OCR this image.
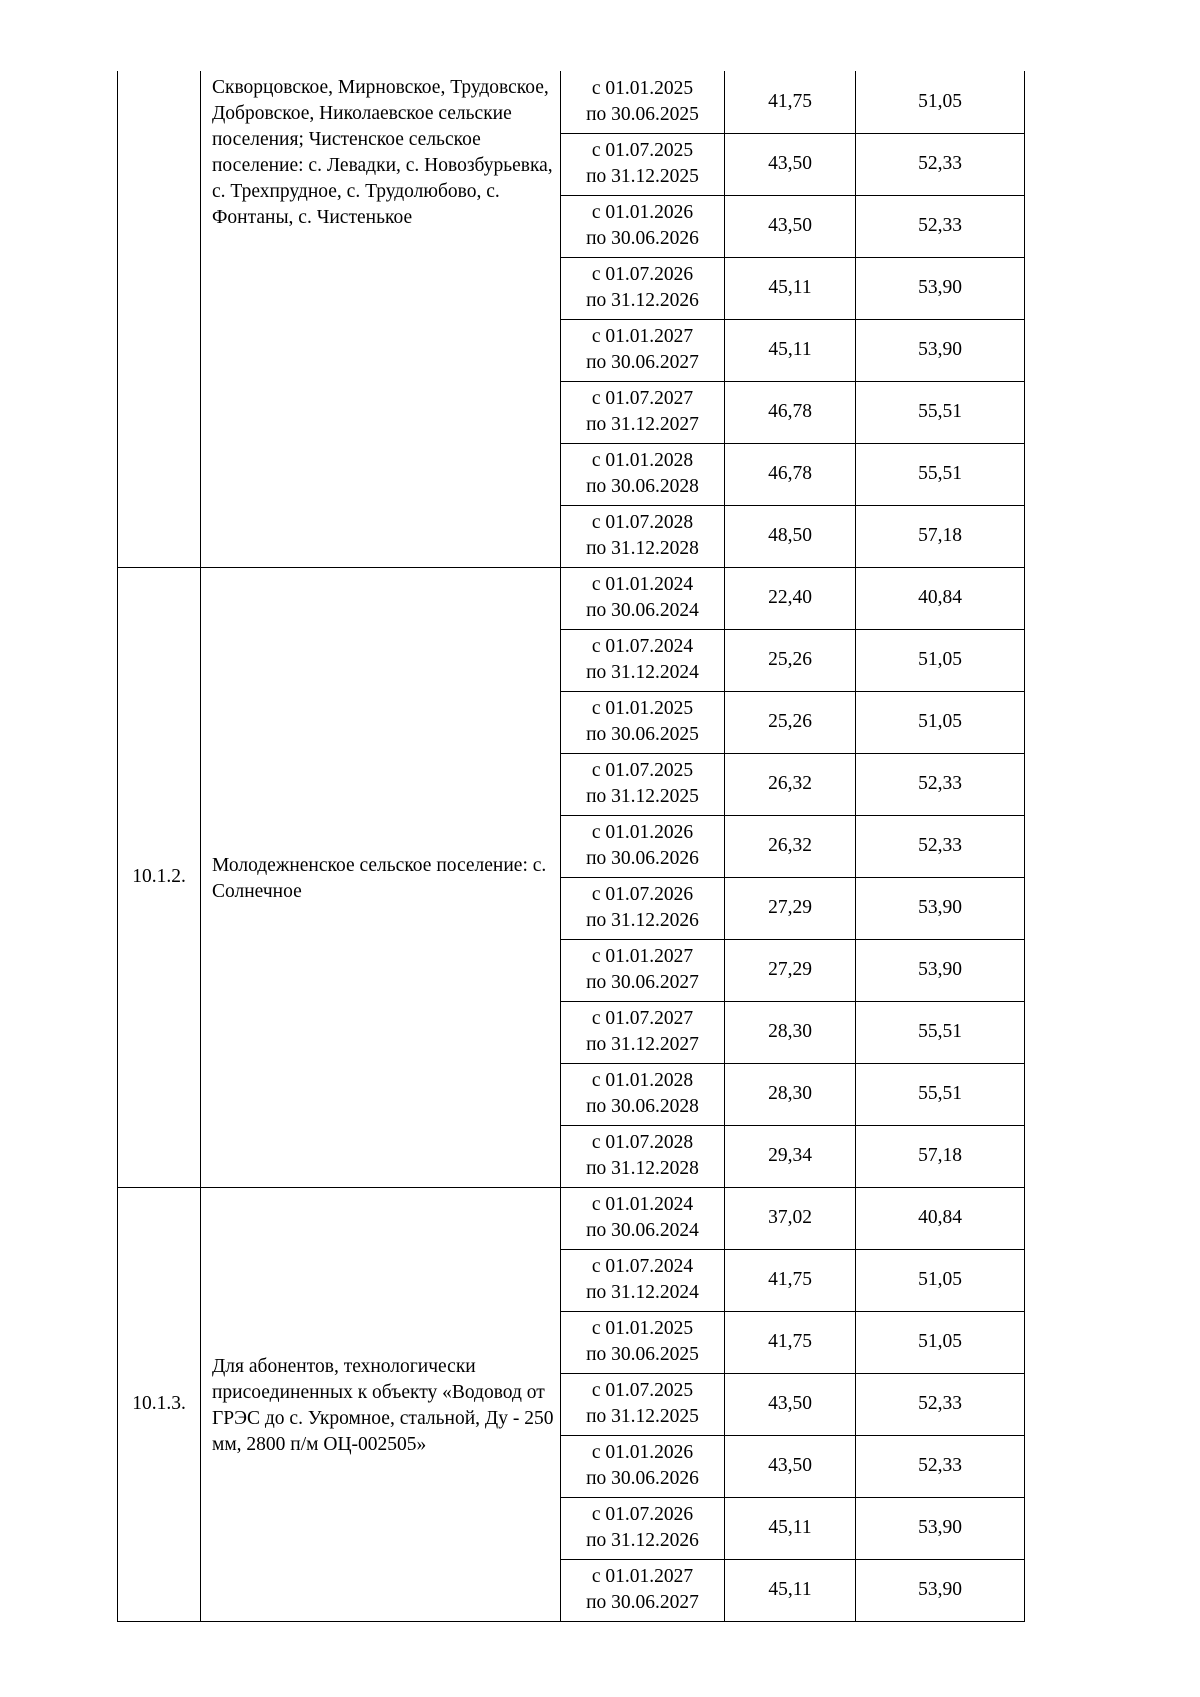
	Скворцовское, Мирновское, Трудовское, Добровское, Николаевское сельские поселения; Чистенское сельское поселение: с. Левадки, с. Новозбурьевка, с. Трехпрудное, с. Трудолюбово, с. Фонтаны, с. Чистенькое	с 01.01.2025
по 30.06.2025	41,75	51,05

		с 01.07.2025
по 31.12.2025	43,50	52,33

		с 01.01.2026
по 30.06.2026	43,50	52,33

		с 01.07.2026
по 31.12.2026	45,11	53,90

		с 01.01.2027
по 30.06.2027	45,11	53,90

		с 01.07.2027
по 31.12.2027	46,78	55,51

		с 01.01.2028
по 30.06.2028	46,78	55,51

		с 01.07.2028
по 31.12.2028	48,50	57,18
10.1.2.	Молодежненское сельское поселение: с. Солнечное	с 01.01.2024
по 30.06.2024	22,40	40,84

		с 01.07.2024
по 31.12.2024	25,26	51,05

		с 01.01.2025
по 30.06.2025	25,26	51,05

		с 01.07.2025
по 31.12.2025	26,32	52,33

		с 01.01.2026
по 30.06.2026	26,32	52,33

		с 01.07.2026
по 31.12.2026	27,29	53,90

		с 01.01.2027
по 30.06.2027	27,29	53,90

		с 01.07.2027
по 31.12.2027	28,30	55,51

		с 01.01.2028
по 30.06.2028	28,30	55,51

		с 01.07.2028
по 31.12.2028	29,34	57,18
10.1.3.	Для абонентов, технологически присоединенных к объекту «Водовод от ГРЭС до с. Укромное, стальной, Ду - 250 мм, 2800 п/м ОЦ-002505»	с 01.01.2024
по 30.06.2024	37,02	40,84

		с 01.07.2024
по 31.12.2024	41,75	51,05

		с 01.01.2025
по 30.06.2025	41,75	51,05

		с 01.07.2025
по 31.12.2025	43,50	52,33

		с 01.01.2026
по 30.06.2026	43,50	52,33

		с 01.07.2026
по 31.12.2026	45,11	53,90

		с 01.01.2027
по 30.06.2027	45,11	53,90
